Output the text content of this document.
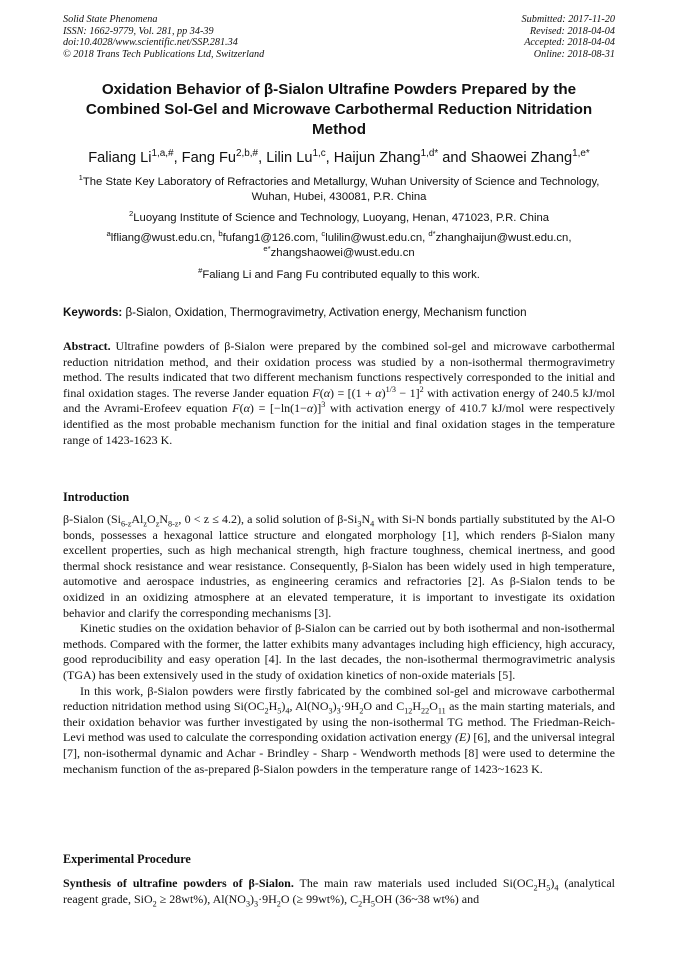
Solid State Phenomena
ISSN: 1662-9779, Vol. 281, pp 34-39
doi:10.4028/www.scientific.net/SSP.281.34
© 2018 Trans Tech Publications Ltd, Switzerland
Submitted: 2017-11-20
Revised: 2018-04-04
Accepted: 2018-04-04
Online: 2018-08-31
Oxidation Behavior of β-Sialon Ultrafine Powders Prepared by the Combined Sol-Gel and Microwave Carbothermal Reduction Nitridation Method
Faliang $Li^{1,a,\#}$, Fang $Fu^{2,b,\#}$, Lilin Lu$^{1,c}$, Haijun Zhang$^{1,d*}$ and Shaowei Zhang$^{1,e*}$
$^1$The State Key Laboratory of Refractories and Metallurgy, Wuhan University of Science and Technology, Wuhan, Hubei, 430081, P.R. China
$^2$Luoyang Institute of Science and Technology, Luoyang, Henan, 471023, P.R. China
$^a$lfliang@wust.edu.cn, $^b$fufang1@126.com, $^c$lulilin@wust.edu.cn, $^{d*}$zhanghaijun@wust.edu.cn,
$^{e*}$zhangshaowei@wust.edu.cn
#Faliang Li and Fang Fu contributed equally to this work.
Keywords: β-Sialon, Oxidation, Thermogravimetry, Activation energy, Mechanism function

Abstract. Ultrafine powders of β-Sialon were prepared by the combined sol-gel and microwave carbothermal reduction nitridation method, and their oxidation process was studied by a non-isothermal thermogravimetry method. The results indicated that two different mechanism functions respectively corresponded to the initial and final oxidation stages. The reverse Jander equation $F(\alpha) = [(1 + \alpha)^{1/3} - 1]^2$ with activation energy of 240.5 kJ/mol and the Avrami-Erofeev equation $F(\alpha) = [-\ln(1-\alpha)]^3$ with activation energy of 410.7 kJ/mol were respectively identified as the most probable mechanism function for the initial and final oxidation stages in the temperature range of 1423-1623 K.

Introduction

β-Sialon ($Si_{6-z}Al_zO_zN_{8-z}$, 0 < z ≤ 4.2), a solid solution of $\beta-Si_3N_4$ with Si-N bonds partially substituted by the Al-O bonds, possesses a hexagonal lattice structure and elongated morphology [1], which renders β-Sialon many excellent properties, such as high mechanical strength, high fracture toughness, chemical inertness, and good thermal shock resistance and wear resistance. Consequently, β-Sialon has been widely used in high temperature, automotive and aerospace industries, as engineering ceramics and refractories [2]. As β-Sialon tends to be oxidized in an oxidizing atmosphere at an elevated temperature, it is important to investigate its oxidation behavior and clarify the corresponding mechanisms [3].

Kinetic studies on the oxidation behavior of β-Sialon can be carried out by both isothermal and non-isothermal methods. Compared with the former, the latter exhibits many advantages including high efficiency, high accuracy, good reproducibility and easy operation [4]. In the last decades, the non-isothermal thermogravimetric analysis (TGA) has been extensively used in the study of oxidation kinetics of non-oxide materials [5].

In this work, β-Sialon powders were firstly fabricated by the combined sol-gel and microwave carbothermal reduction nitridation method using $Si(OC_2H_5)_4$, $Al(NO_3)_3\cdot 9H_2O$ and $C_{12}H_{22}O_{11}$ as the main starting materials, and their oxidation behavior was further investigated by using the non-isothermal TG method. The Friedman-Reich-Levi method was used to calculate the corresponding oxidation activation energy (E) [6], and the universal integral [7], non-isothermal dynamic and Achar - Brindley - Sharp - Wendworth methods [8] were used to determine the mechanism function of the as-prepared β-Sialon powders in the temperature range of 1423~1623 K.

Experimental Procedure

Synthesis of ultrafine powders of β-Sialon. The main raw materials used included $Si(OC_2H_5)_4$ (analytical reagent grade, SiO$_2$ ≥ 28wt%), $Al(NO_3)_3\cdot 9H_2O$ (≥ 99wt%), $C_2H_5OH$ (36~38 wt%) and
